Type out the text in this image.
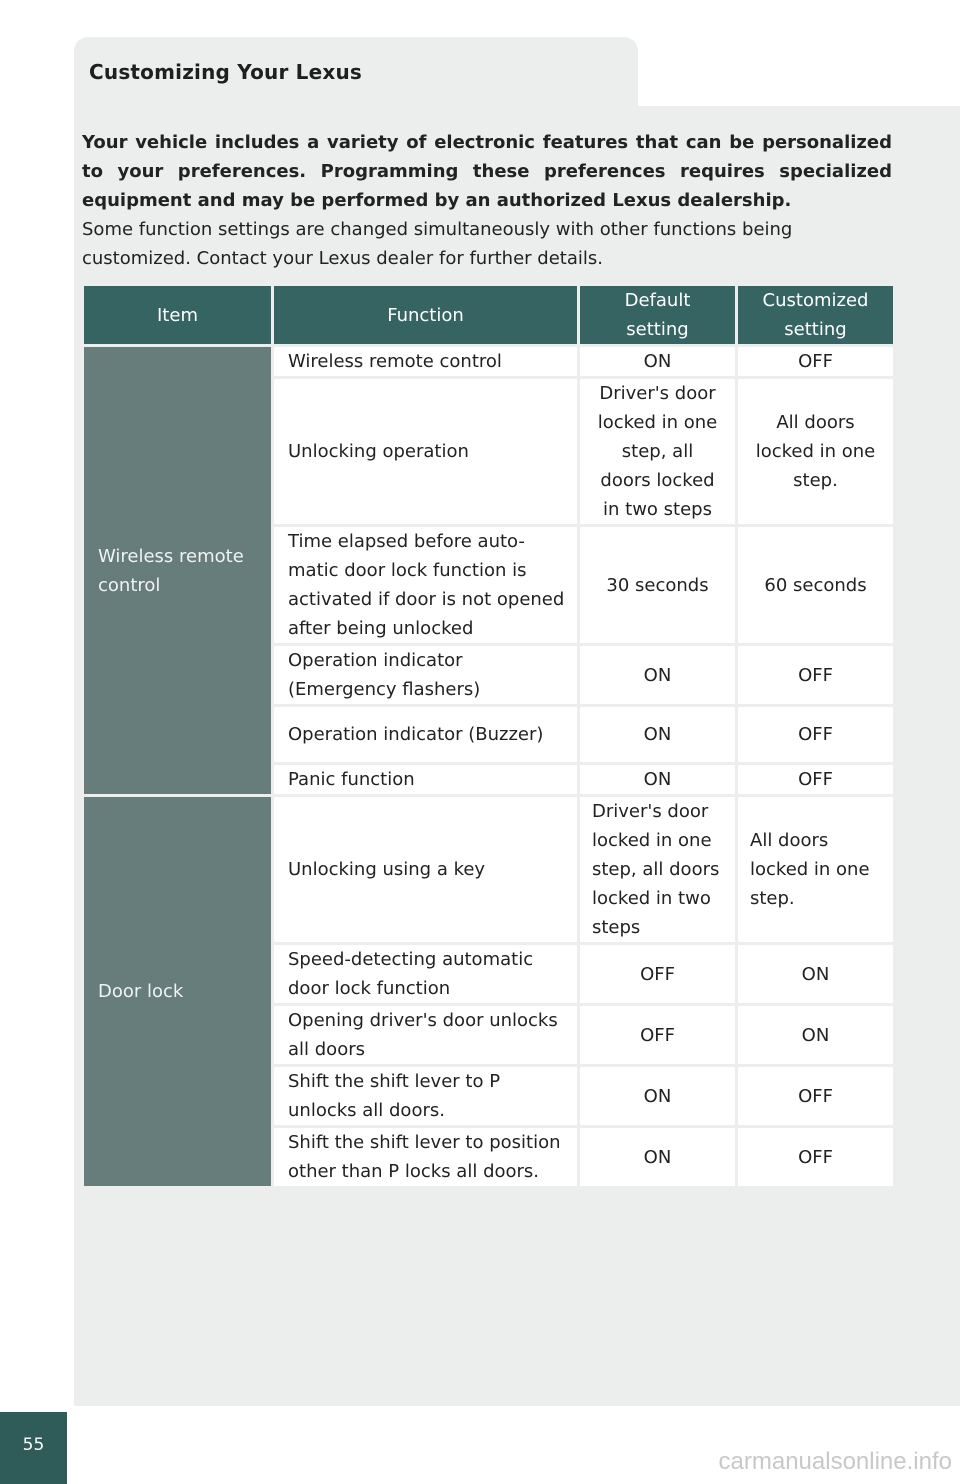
Customizing Your Lexus
Your vehicle includes a variety of electronic features that can be personalized to your preferences. Programming these preferences requires specialized equipment and may be performed by an authorized Lexus dealership.
Some function settings are changed simultaneously with other functions being customized. Contact your Lexus dealer for further details.
Item	Function	Default setting	Customized setting
Wireless remote control	Wireless remote control	ON	OFF
	Unlocking operation	Driver's door locked in one step, all doors locked in two steps	All doors locked in one step.
	Time elapsed before auto-matic door lock function is activated if door is not opened after being unlocked	30 seconds	60 seconds
	Operation indicator (Emergency flashers)	ON	OFF
	Operation indicator (Buzzer)	ON	OFF
	Panic function	ON	OFF
Door lock	Unlocking using a key	Driver's door locked in one step, all doors locked in two steps	All doors locked in one step.
	Speed-detecting automatic door lock function	OFF	ON
	Opening driver's door unlocks all doors	OFF	ON
	Shift the shift lever to P unlocks all doors.	ON	OFF
	Shift the shift lever to position other than P locks all doors.	ON	OFF
55
carmanualsonline.info
